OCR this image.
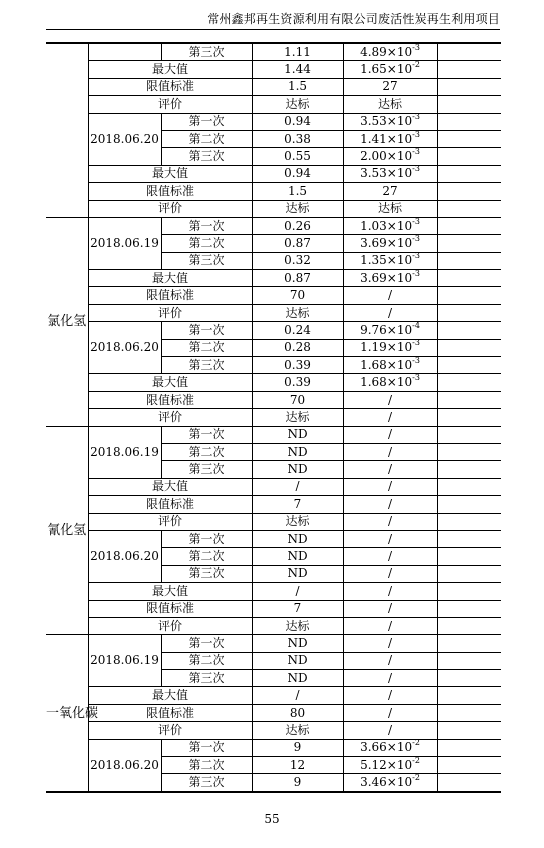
常州鑫邦再生资源利用有限公司废活性炭再生利用项目
		第三次	1.11	$4.89\times 10^{-3}$	
	最大值		1.44	$1.65\times 10^{-2}$	
	限值标准		1.5	27	
	评价		达标	达标	
	2018.06.20	第一次	0.94	$3.53\times 10^{-3}$	
		第二次	0.38	$1.41\times 10^{-3}$	
		第三次	0.55	$2.00\times 10^{-3}$	
	最大值		0.94	$3.53\times 10^{-3}$	
	限值标准		1.5	27	
	评价		达标	达标	
氯化氢	2018.06.19	第一次	0.26	$1.03\times 10^{-3}$	
		第二次	0.87	$3.69\times 10^{-3}$	
		第三次	0.32	$1.35\times 10^{-3}$	
	最大值		0.87	$3.69\times 10^{-3}$	
	限值标准		70	/	
	评价		达标	/	
	2018.06.20	第一次	0.24	$9.76\times 10^{-4}$	
		第二次	0.28	$1.19\times 10^{-3}$	
		第三次	0.39	$1.68\times 10^{-3}$	
	最大值		0.39	$1.68\times 10^{-3}$	
	限值标准		70	/	
	评价		达标	/	
氰化氢	2018.06.19	第一次	ND	/	
		第二次	ND	/	
		第三次	ND	/	
	最大值		/	/	
	限值标准		7	/	
	评价		达标	/	
	2018.06.20	第一次	ND	/	
		第二次	ND	/	
		第三次	ND	/	
	最大值		/	/	
	限值标准		7	/	
	评价		达标	/	
一氧化碳	2018.06.19	第一次	ND	/	
		第二次	ND	/	
		第三次	ND	/	
	最大值		/	/	
	限值标准		80	/	
	评价		达标	/	
	2018.06.20	第一次	9	$3.66\times 10^{-2}$	
		第二次	12	$5.12\times 10^{-2}$	
		第三次	9	$3.46\times 10^{-2}$	
55
